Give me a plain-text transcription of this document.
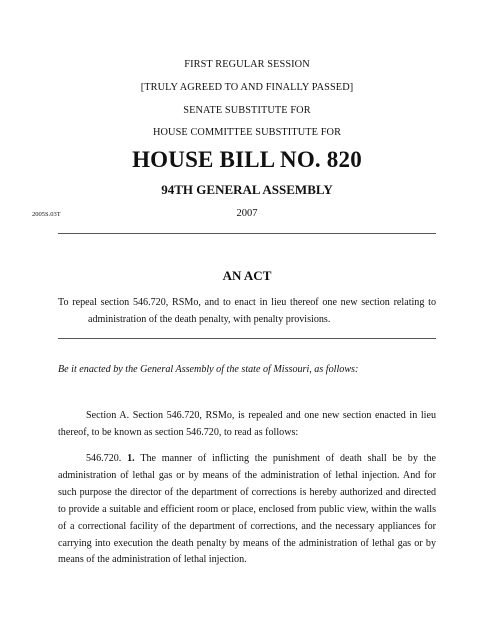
FIRST REGULAR SESSION
[TRULY AGREED TO AND FINALLY PASSED]
SENATE SUBSTITUTE FOR
HOUSE COMMITTEE SUBSTITUTE FOR
HOUSE BILL NO. 820
94TH GENERAL ASSEMBLY
2005S.03T	2007
AN ACT
To repeal section 546.720, RSMo, and to enact in lieu thereof one new section relating to administration of the death penalty, with penalty provisions.
Be it enacted by the General Assembly of the state of Missouri, as follows:
Section A. Section 546.720, RSMo, is repealed and one new section enacted in lieu thereof, to be known as section 546.720, to read as follows:
546.720. 1. The manner of inflicting the punishment of death shall be by the administration of lethal gas or by means of the administration of lethal injection. And for such purpose the director of the department of corrections is hereby authorized and directed to provide a suitable and efficient room or place, enclosed from public view, within the walls of a correctional facility of the department of corrections, and the necessary appliances for carrying into execution the death penalty by means of the administration of lethal gas or by means of the administration of lethal injection.
